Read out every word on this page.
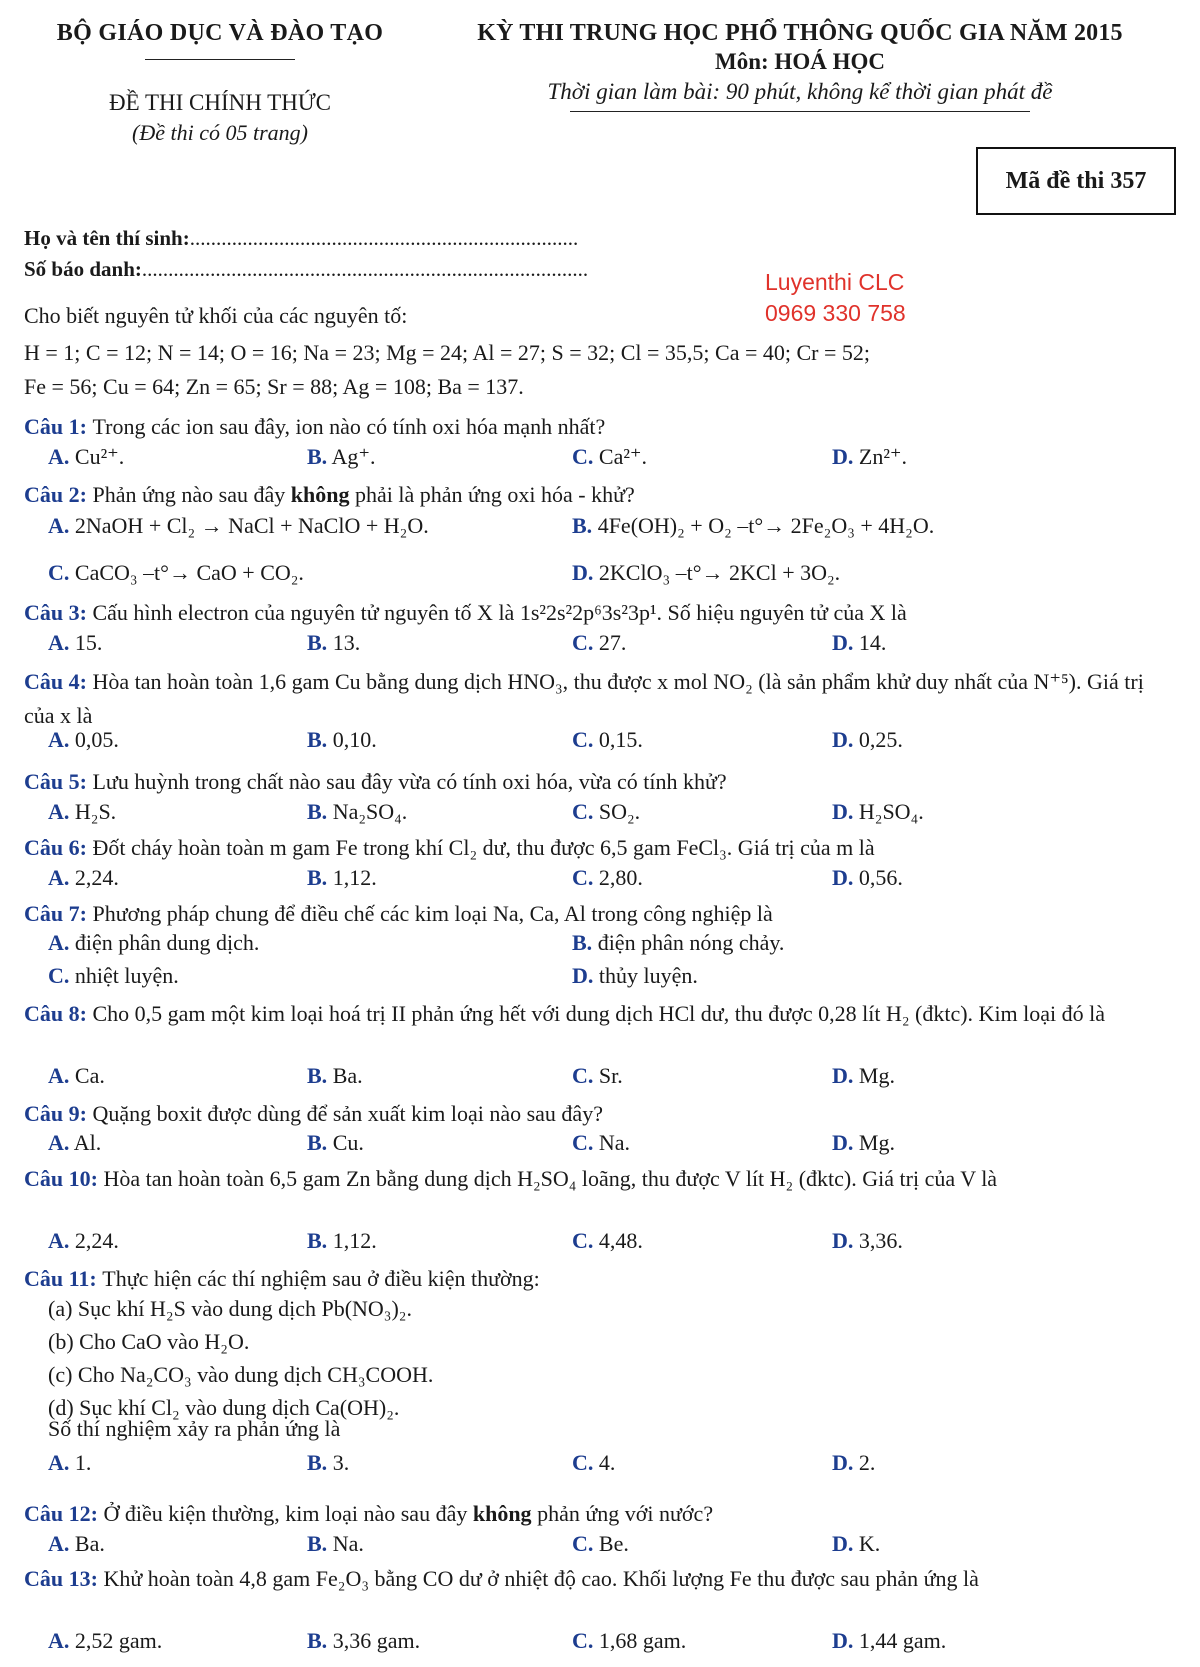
BỘ GIÁO DỤC VÀ ĐÀO TẠO
ĐỀ THI CHÍNH THỨC
(Đề thi có 05 trang)
KỲ THI TRUNG HỌC PHỔ THÔNG QUỐC GIA NĂM 2015
Môn: HOÁ HỌC
Thời gian làm bài: 90 phút, không kể thời gian phát đề
Mã đề thi 357
Họ và tên thí sinh:..........................................................................
Số báo danh:.....................................................................................	Luyenthi CLC
0969 330 758
Cho biết nguyên tử khối của các nguyên tố:
H = 1; C = 12; N = 14; O = 16; Na = 23; Mg = 24; Al = 27; S = 32; Cl = 35,5; Ca = 40; Cr = 52;
Fe = 56; Cu = 64; Zn = 65; Sr = 88; Ag = 108; Ba = 137.
Câu 1: Trong các ion sau đây, ion nào có tính oxi hóa mạnh nhất?
A. Cu²⁺.	B. Ag⁺.	C. Ca²⁺.	D. Zn²⁺.
Câu 2: Phản ứng nào sau đây không phải là phản ứng oxi hóa - khử?
A. 2NaOH + Cl₂ → NaCl + NaClO + H₂O.	B. 4Fe(OH)₂ + O₂ ⎯t°→ 2Fe₂O₃ + 4H₂O.
C. CaCO₃ ⎯t°→ CaO + CO₂.	D. 2KClO₃ ⎯t°→ 2KCl + 3O₂.
Câu 3: Cấu hình electron của nguyên tử nguyên tố X là 1s²2s²2p⁶3s²3p¹. Số hiệu nguyên tử của X là
A. 15.	B. 13.	C. 27.	D. 14.
Câu 4: Hòa tan hoàn toàn 1,6 gam Cu bằng dung dịch HNO₃, thu được x mol NO₂ (là sản phẩm khử duy nhất của N⁺⁵). Giá trị của x là
A. 0,05.	B. 0,10.	C. 0,15.	D. 0,25.
Câu 5: Lưu huỳnh trong chất nào sau đây vừa có tính oxi hóa, vừa có tính khử?
A. H₂S.	B. Na₂SO₄.	C. SO₂.	D. H₂SO₄.
Câu 6: Đốt cháy hoàn toàn m gam Fe trong khí Cl₂ dư, thu được 6,5 gam FeCl₃. Giá trị của m là
A. 2,24.	B. 1,12.	C. 2,80.	D. 0,56.
Câu 7: Phương pháp chung để điều chế các kim loại Na, Ca, Al trong công nghiệp là
A. điện phân dung dịch.	B. điện phân nóng chảy.
C. nhiệt luyện.	D. thủy luyện.
Câu 8: Cho 0,5 gam một kim loại hoá trị II phản ứng hết với dung dịch HCl dư, thu được 0,28 lít H₂ (đktc). Kim loại đó là
A. Ca.	B. Ba.	C. Sr.	D. Mg.
Câu 9: Quặng boxit được dùng để sản xuất kim loại nào sau đây?
A. Al.	B. Cu.	C. Na.	D. Mg.
Câu 10: Hòa tan hoàn toàn 6,5 gam Zn bằng dung dịch H₂SO₄ loãng, thu được V lít H₂ (đktc). Giá trị của V là
A. 2,24.	B. 1,12.	C. 4,48.	D. 3,36.
Câu 11: Thực hiện các thí nghiệm sau ở điều kiện thường:
(a) Sục khí H₂S vào dung dịch Pb(NO₃)₂.
(b) Cho CaO vào H₂O.
(c) Cho Na₂CO₃ vào dung dịch CH₃COOH.
(d) Sục khí Cl₂ vào dung dịch Ca(OH)₂.
Số thí nghiệm xảy ra phản ứng là
A. 1.	B. 3.	C. 4.	D. 2.
Câu 12: Ở điều kiện thường, kim loại nào sau đây không phản ứng với nước?
A. Ba.	B. Na.	C. Be.	D. K.
Câu 13: Khử hoàn toàn 4,8 gam Fe₂O₃ bằng CO dư ở nhiệt độ cao. Khối lượng Fe thu được sau phản ứng là
A. 2,52 gam.	B. 3,36 gam.	C. 1,68 gam.	D. 1,44 gam.
